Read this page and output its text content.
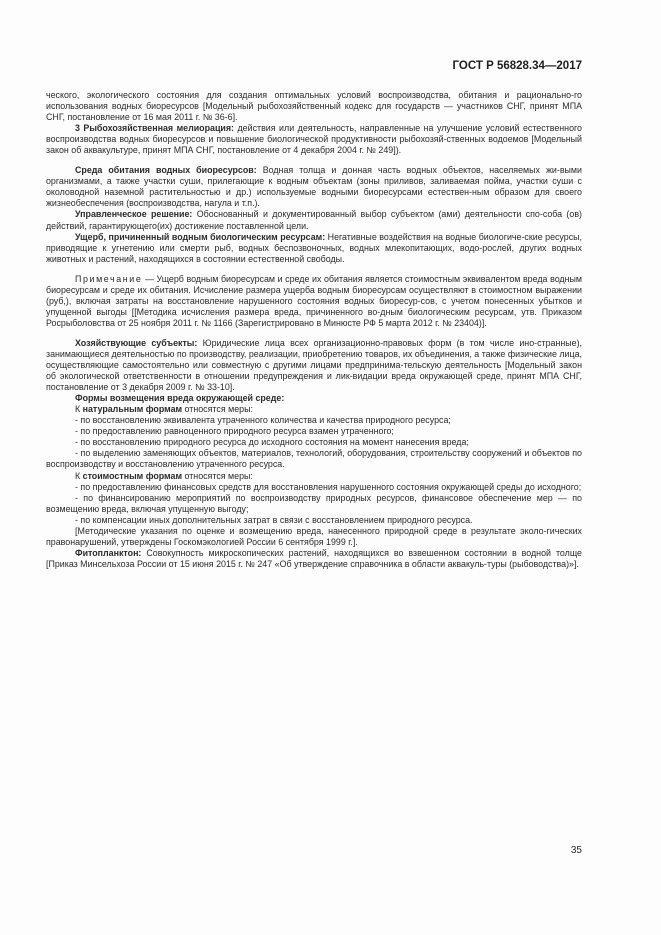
ГОСТ Р 56828.34—2017

ческого, экологического состояния для создания оптимальных условий воспроизводства, обитания и рационально-го использования водных биоресурсов [Модельный рыбохозяйственный кодекс для государств — участников СНГ, принят МПА СНГ, постановление от 16 мая 2011 г. № 36-6].

3 Рыбохозяйственная мелиорация: действия или деятельность, направленные на улучшение условий естественного воспроизводства водных биоресурсов и повышение биологической продуктивности рыбохозяй-ственных водоемов [Модельный закон об аквакультуре, принят МПА СНГ, постановление от 4 декабря 2004 г. № 249]).

Среда обитания водных биоресурсов: Водная толща и донная часть водных объектов, населяемых жи-выми организмами, а также участки суши, прилегающие к водным объектам (зоны приливов, заливаемая пойма, участки суши с околоводной наземной растительностью и др.) используемые водными биоресурсами естествен-ным образом для своего жизнеобеспечения (воспроизводства, нагула и т.п.).

Управленческое решение: Обоснованный и документированный выбор субъектом (ами) деятельности спо-соба (ов) действий, гарантирующего(их) достижение поставленной цели.

Ущерб, причиненный водным биологическим ресурсам: Негативные воздействия на водные биологиче-ские ресурсы, приводящие к угнетению или смерти рыб, водных беспозвоночных, водных млекопитающих, водо-рослей, других водных животных и растений, находящихся в состоянии естественной свободы.

Примечание — Ущерб водным биоресурсам и среде их обитания является стоимостным эквивалентом вреда водным биоресурсам и среде их обитания. Исчисление размера ущерба водным биоресурсам осуществляют в стоимостном выражении (руб,), включая затраты на восстановление нарушенного состояния водных биоресур-сов, с учетом понесенных убытков и упущенной выгоды [[Методика исчисления размера вреда, причиненного во-дным биологическим ресурсам, утв. Приказом Росрыболовства от 25 ноября 2011 г. № 1166 (Зарегистрировано в Минюсте РФ 5 марта 2012 г. № 23404)].

Хозяйствующие субъекты: Юридические лица всех организационно-правовых форм (в том числе ино-странные), занимающиеся деятельностью по производству, реализации, приобретению товаров, их объединения, а также физические лица, осуществляющие самостоятельно или совместную с другими лицами предпринима-тельскую деятельность [Модельный закон об экологической ответственности в отношении предупреждения и лик-видации вреда окружающей среде, принят МПА СНГ, постановление от 3 декабря 2009 г. № 33-10].

Формы возмещения вреда окружающей среде:

К натуральным формам относятся меры:

- по восстановлению эквивалента утраченного количества и качества природного ресурса;

- по предоставлению равноценного природного ресурса взамен утраченного;

- по восстановлению природного ресурса до исходного состояния на момент нанесения вреда;

- по выделению заменяющих объектов, материалов, технологий, оборудования, строительству сооружений и объектов по воспроизводству и восстановлению утраченного ресурса.

К стоимостным формам относятся меры:

- по предоставлению финансовых средств для восстановления нарушенного состояния окружающей среды до исходного;

- по финансированию мероприятий по воспроизводству природных ресурсов, финансовое обеспечение мер — по возмещению вреда, включая упущенную выгоду;

- по компенсации иных дополнительных затрат в связи с восстановлением природного ресурса.

[Методические указания по оценке и возмещению вреда, нанесенного природной среде в результате эколо-гических правонарушений, утверждены Госкомэкологией России 6 сентября 1999 г.].

Фитопланктон: Совокупность микроскопических растений, находящихся во взвешенном состоянии в водной толще [Приказ Минсельхоза России от 15 июня 2015 г. № 247 «Об утверждение справочника в области аквакуль-туры (рыбоводства)»].

35
